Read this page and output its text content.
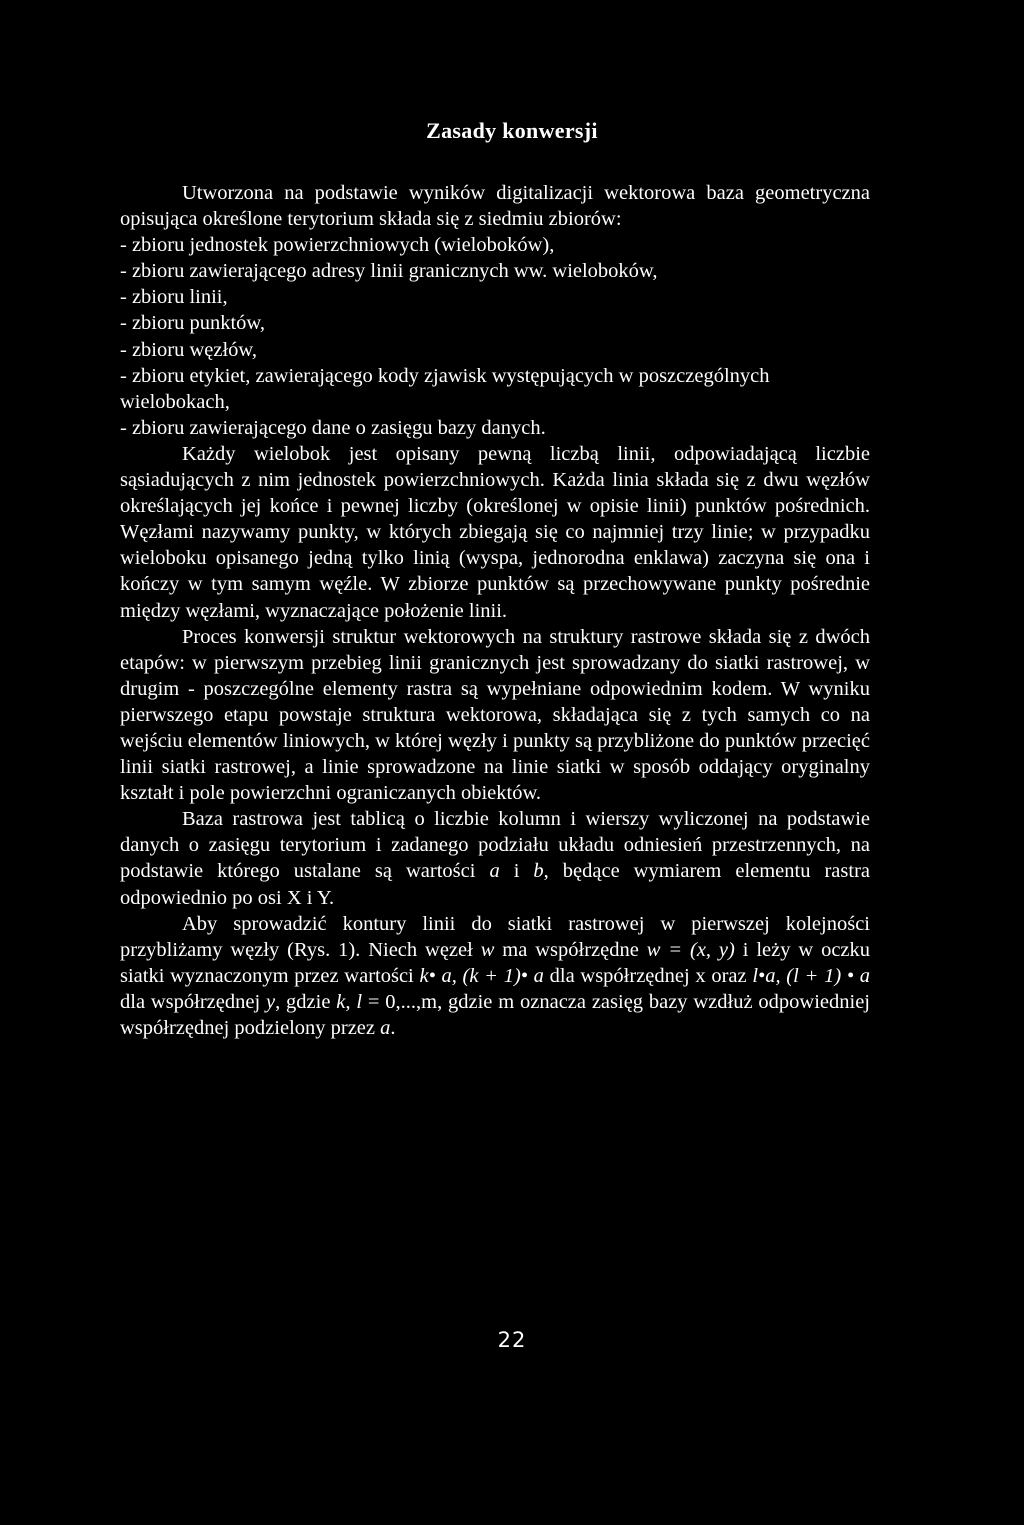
Zasady konwersji

Utworzona na podstawie wyników digitalizacji wektorowa baza geometryczna opisująca określone terytorium składa się z siedmiu zbiorów:

- zbioru jednostek powierzchniowych (wieloboków),
- zbioru zawierającego adresy linii granicznych ww. wieloboków,
- zbioru linii,
- zbioru punktów,
- zbioru węzłów,
- zbioru etykiet, zawierającego kody zjawisk występujących w poszczególnych wielobokach,
- zbioru zawierającego dane o zasięgu bazy danych.

Każdy wielobok jest opisany pewną liczbą linii, odpowiadającą liczbie sąsiadujących z nim jednostek powierzchniowych. Każda linia składa się z dwu węzłów określających jej końce i pewnej liczby (określonej w opisie linii) punktów pośrednich. Węzłami nazywamy punkty, w których zbiegają się co najmniej trzy linie; w przypadku wieloboku opisanego jedną tylko linią (wyspa, jednorodna enklawa) zaczyna się ona i kończy w tym samym węźle. W zbiorze punktów są przechowywane punkty pośrednie między węzłami, wyznaczające położenie linii.

Proces konwersji struktur wektorowych na struktury rastrowe składa się z dwóch etapów: w pierwszym przebieg linii granicznych jest sprowadzany do siatki rastrowej, w drugim - poszczególne elementy rastra są wypełniane odpowiednim kodem. W wyniku pierwszego etapu powstaje struktura wektorowa, składająca się z tych samych co na wejściu elementów liniowych, w której węzły i punkty są przybliżone do punktów przecięć linii siatki rastrowej, a linie sprowadzone na linie siatki w sposób oddający oryginalny kształt i pole powierzchni ograniczanych obiektów.

Baza rastrowa jest tablicą o liczbie kolumn i wierszy wyliczonej na podstawie danych o zasięgu terytorium i zadanego podziału układu odniesień przestrzennych, na podstawie którego ustalane są wartości a i b, będące wymiarem elementu rastra odpowiednio po osi X i Y.

Aby sprowadzić kontury linii do siatki rastrowej w pierwszej kolejności przybliżamy węzły (Rys. 1). Niech węzeł w ma współrzędne w = (x, y) i leży w oczku siatki wyznaczonym przez wartości k• a, (k + 1)• a dla współrzędnej x oraz l•a, (l + 1) • a dla współrzędnej y, gdzie k, l = 0,...,m, gdzie m oznacza zasięg bazy wzdłuż odpowiedniej współrzędnej podzielony przez a.

22
